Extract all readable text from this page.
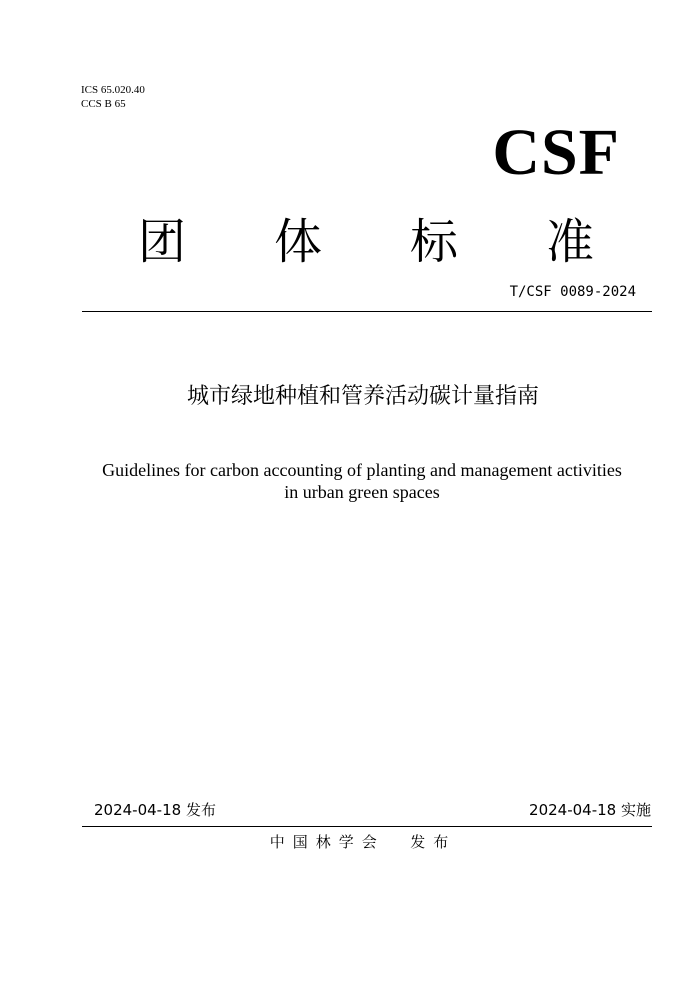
ICS 65.020.40
CCS B 65
CSF
团 体 标 准
T/CSF 0089-2024
城市绿地种植和管养活动碳计量指南
Guidelines for carbon accounting of planting and management activities
in urban green spaces
2024-04-18 发布	2024-04-18 实施
中国林学会  发布
